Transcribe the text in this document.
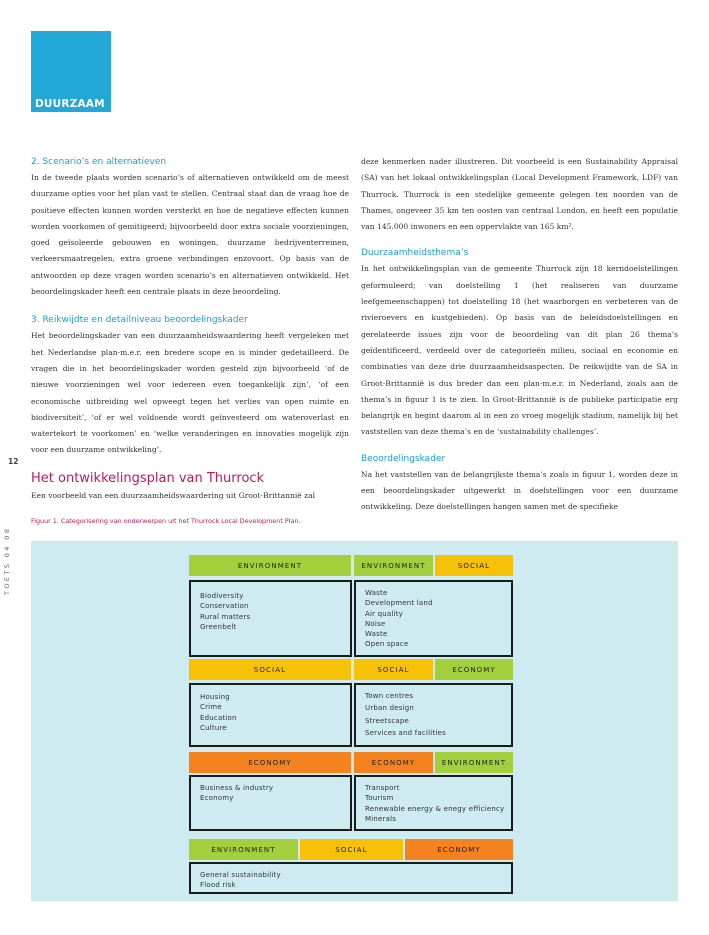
DUURZAAM
12
TOETS 04 08
2. Scenario’s en alternatieven

In de tweede plaats worden scenario’s of alternatieven ontwikkeld om de meest duurzame opties voor het plan vast te stellen. Centraal staat dan de vraag hoe de positieve effecten kunnen worden versterkt en hoe de negatieve effecten kunnen worden voorkomen of gemitigeerd; bijvoorbeeld door extra sociale voorzieningen, goed geïsoleerde gebouwen en woningen, duurzame bedrijventerreinen, verkeersmaatregelen, extra groene verbindingen enzovoort. Op basis van de antwoorden op deze vragen worden scenario’s en alternatieven ontwikkeld. Het beoordelingskader heeft een centrale plaats in deze beoordeling.

3. Reikwijdte en detailniveau beoordelingskader

Het beoordelingskader van een duurzaamheidswaardering heeft vergeleken met het Nederlandse plan-m.e.r. een bredere scope en is minder gedetailleerd. De vragen die in het beoordelingskader worden gesteld zijn bijvoorbeeld ‘of de nieuwe voorzieningen wel voor iedereen even toegankelijk zijn’, ‘of een economische uitbreiding wel opweegt tegen het verlies van open ruimte en biodiversiteit’, ‘of er wel voldoende wordt geïnvesteerd om wateroverlast en watertekort te voorkomen’ en ‘welke veranderingen en innovaties mogelijk zijn voor een duurzame ontwikkeling’.

Het ontwikkelingsplan van Thurrock

Een voorbeeld van een duurzaamheidswaardering uit Groot-Brittannië zal

deze kenmerken nader illustreren. Dit voorbeeld is een Sustainability Appraisal (SA) van het lokaal ontwikkelingsplan (Local Development Framework, LDF) van Thurrock. Thurrock is een stedelijke gemeente gelegen ten noorden van de Thames, ongeveer 35 km ten oosten van centraal London, en heeft een populatie van 145.000 inwoners en een oppervlakte van 165 km².

Duurzaamheidsthema’s

In het ontwikkelingsplan van de gemeente Thurrock zijn 18 kerndoelstellingen geformuleerd; van doelstelling 1 (het realiseren van duurzame leefgemeenschappen) tot doelstelling 18 (het waarborgen en verbeteren van de rivieroevers en kustgebieden). Op basis van de beleidsdoelstellingen en gerelateerde issues zijn voor de beoordeling van dit plan 26 thema’s geïdentificeerd, verdeeld over de categorieën milieu, sociaal en economie en combinaties van deze drie duurzaamheidsaspecten. De reikwijdte van de SA in Groot-Brittannië is dus breder dan een plan-m.e.r. in Nederland, zoals aan de thema’s in figuur 1 is te zien. In Groot-Brittannië is de publieke participatie erg belangrijk en begint daarom al in een zo vroeg mogelijk stadium, namelijk bij het vaststellen van deze thema’s en de ‘sustainability challenges’.

Beoordelingskader

Na het vaststellen van de belangrijkste thema’s zoals in figuur 1, worden deze in een beoordelingskader uitgewerkt in doelstellingen voor een duurzame ontwikkeling. Deze doelstellingen hangen samen met de specifieke

Figuur 1. Categorisering van onderwerpen uit het Thurrock Local Development Plan.
ENVIRONMENT	ENVIRONMENT	SOCIAL
Biodiversity
Conservation
Rural matters
Greenbelt
Waste
Development land
Air quality
Noise
Waste
Open space
SOCIAL	SOCIAL	ECONOMY
Housing
Crime
Education
Culture
Town centres
Urban design
Streetscape
Services and facilities
ECONOMY	ECONOMY	ENVIRONMENT
Business & industry
Economy
Transport
Tourism
Renewable energy & enegy efficiency
Minerals
ENVIRONMENT	SOCIAL	ECONOMY
General sustainability
Flood risk
